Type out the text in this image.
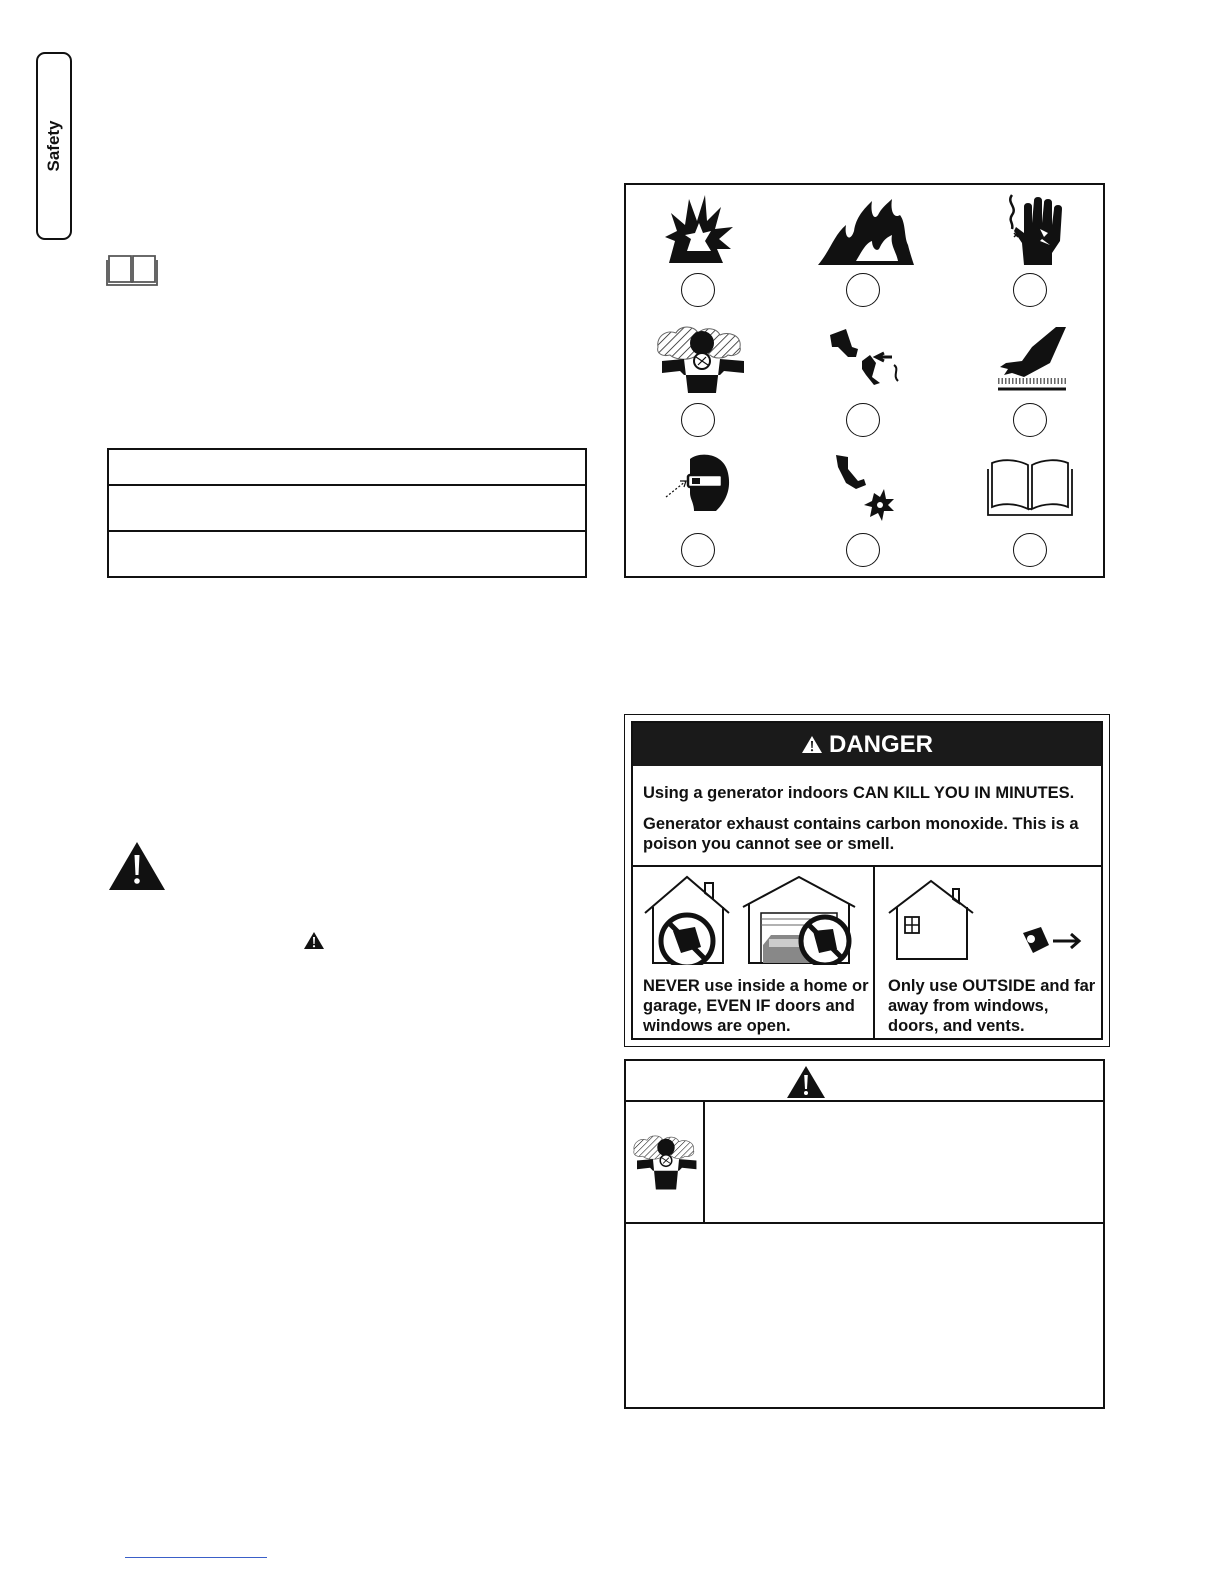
Safety
DANGER
Using a generator indoors CAN KILL YOU IN MINUTES.
Generator exhaust contains carbon monoxide. This is a poison you cannot see or smell.
NEVER use inside a home or garage, EVEN IF doors and windows are open.
Only use OUTSIDE and far away from windows, doors, and vents.
